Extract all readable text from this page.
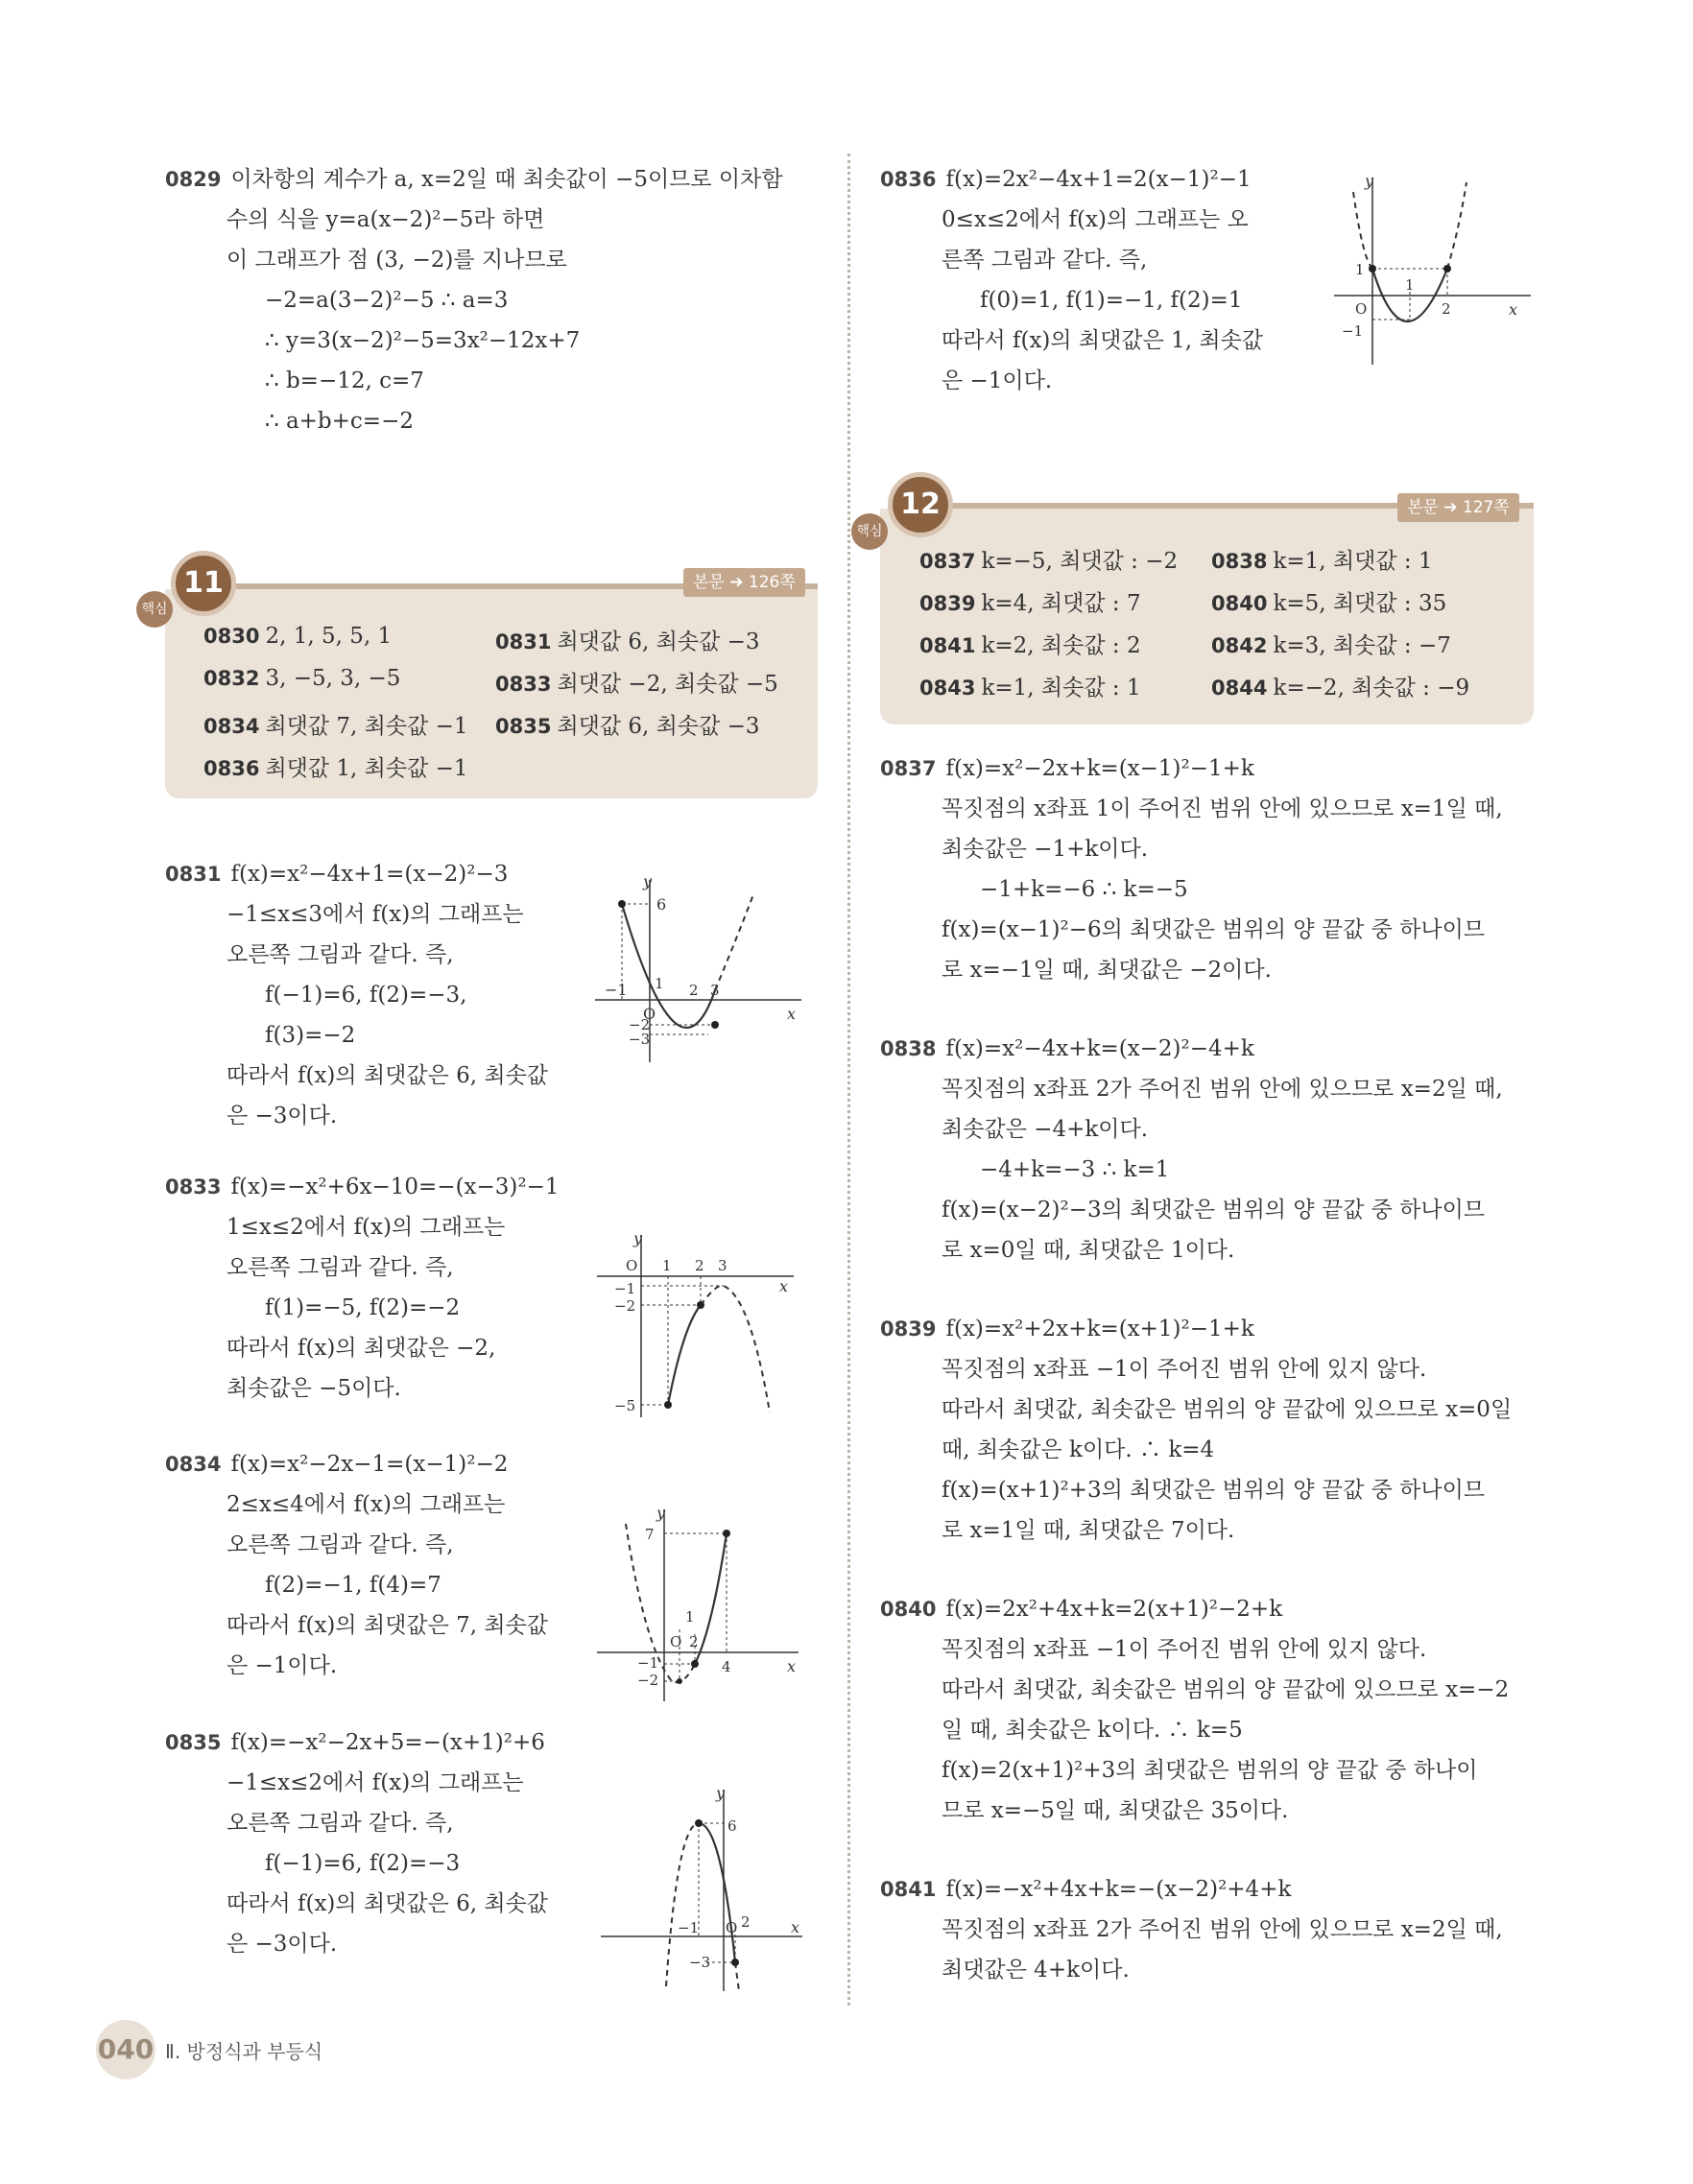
0829 이차항의 계수가 a, x=2일 때 최솟값이 −5이므로 이차함
수의 식을 y=a(x−2)²−5라 하면
이 그래프가 점 (3, −2)를 지나므로
−2=a(3−2)²−5 ∴ a=3
∴ y=3(x−2)²−5=3x²−12x+7
∴ b=−12, c=7
∴ a+b+c=−2
핵심
11	본문 ➔ 126쪽
0830 2, 1, 5, 5, 1	0831 최댓값 6, 최솟값 −3
0832 3, −5, 3, −5	0833 최댓값 −2, 최솟값 −5
0834 최댓값 7, 최솟값 −1 0835 최댓값 6, 최솟값 −3
0836 최댓값 1, 최솟값 −1
0831 f(x)=x²−4x+1=(x−2)²−3
−1≤x≤3에서 f(x)의 그래프는
오른쪽 그림과 같다. 즉,
f(−1)=6, f(2)=−3,
f(3)=−2
따라서 f(x)의 최댓값은 6, 최솟값
은 −3이다.
y
6
−1 1 2 3
x
O
−2
−3
0833 f(x)=−x²+6x−10=−(x−3)²−1
1≤x≤2에서 f(x)의 그래프는
오른쪽 그림과 같다. 즉,
f(1)=−5, f(2)=−2
따라서 f(x)의 최댓값은 −2,
최솟값은 −5이다.
y
O 1 2 3
x
−1
−2
−5
0834 f(x)=x²−2x−1=(x−1)²−2
2≤x≤4에서 f(x)의 그래프는
오른쪽 그림과 같다. 즉,
f(2)=−1, f(4)=7
따라서 f(x)의 최댓값은 7, 최솟값
은 −1이다.
y
7
1
O 2
4	x
−1
−2
0835 f(x)=−x²−2x+5=−(x+1)²+6
−1≤x≤2에서 f(x)의 그래프는
오른쪽 그림과 같다. 즉,
f(−1)=6, f(2)=−3
따라서 f(x)의 최댓값은 6, 최솟값
은 −3이다.
y
6
2
−1 O	x
−3
0836 f(x)=2x²−4x+1=2(x−1)²−1
0≤x≤2에서 f(x)의 그래프는 오
른쪽 그림과 같다. 즉,
f(0)=1, f(1)=−1, f(2)=1
따라서 f(x)의 최댓값은 1, 최솟값
은 −1이다.
y
1
1
2
O
−1
x
핵심
12	본문 ➔ 127쪽
0837 k=−5, 최댓값 : −2 0838 k=1, 최댓값 : 1
0839 k=4, 최댓값 : 7	0840 k=5, 최댓값 : 35
0841 k=2, 최솟값 : 2	0842 k=3, 최솟값 : −7
0843 k=1, 최솟값 : 1	0844 k=−2, 최솟값 : −9
0837 f(x)=x²−2x+k=(x−1)²−1+k
꼭짓점의 x좌표 1이 주어진 범위 안에 있으므로 x=1일 때,
최솟값은 −1+k이다.
−1+k=−6 ∴ k=−5
f(x)=(x−1)²−6의 최댓값은 범위의 양 끝값 중 하나이므
로 x=−1일 때, 최댓값은 −2이다.
0838 f(x)=x²−4x+k=(x−2)²−4+k
꼭짓점의 x좌표 2가 주어진 범위 안에 있으므로 x=2일 때,
최솟값은 −4+k이다.
−4+k=−3 ∴ k=1
f(x)=(x−2)²−3의 최댓값은 범위의 양 끝값 중 하나이므
로 x=0일 때, 최댓값은 1이다.
0839 f(x)=x²+2x+k=(x+1)²−1+k
꼭짓점의 x좌표 −1이 주어진 범위 안에 있지 않다.
따라서 최댓값, 최솟값은 범위의 양 끝값에 있으므로 x=0일
때, 최솟값은 k이다. ∴ k=4
f(x)=(x+1)²+3의 최댓값은 범위의 양 끝값 중 하나이므
로 x=1일 때, 최댓값은 7이다.
0840 f(x)=2x²+4x+k=2(x+1)²−2+k
꼭짓점의 x좌표 −1이 주어진 범위 안에 있지 않다.
따라서 최댓값, 최솟값은 범위의 양 끝값에 있으므로 x=−2
일 때, 최솟값은 k이다. ∴ k=5
f(x)=2(x+1)²+3의 최댓값은 범위의 양 끝값 중 하나이
므로 x=−5일 때, 최댓값은 35이다.
0841 f(x)=−x²+4x+k=−(x−2)²+4+k
꼭짓점의 x좌표 2가 주어진 범위 안에 있으므로 x=2일 때,
최댓값은 4+k이다.
040 Ⅱ. 방정식과 부등식
